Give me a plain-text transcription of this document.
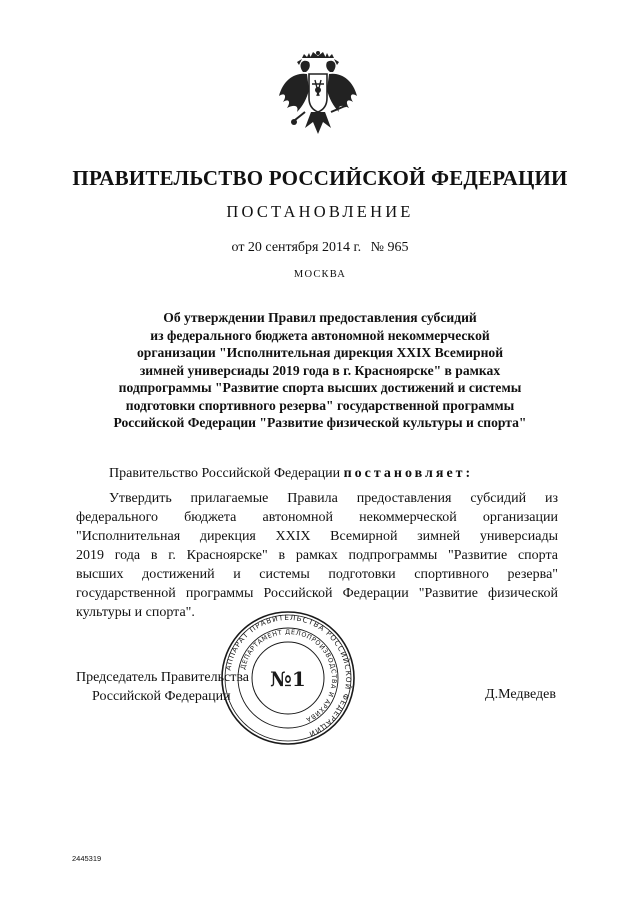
ПРАВИТЕЛЬСТВО РОССИЙСКОЙ ФЕДЕРАЦИИ
ПОСТАНОВЛЕНИЕ
от 20 сентября 2014 г. № 965
МОСКВА
Об утверждении Правил предоставления субсидий
из федерального бюджета автономной некоммерческой
организации "Исполнительная дирекция XXIX Всемирной
зимней универсиады 2019 года в г. Красноярске" в рамках
подпрограммы "Развитие спорта высших достижений и системы
подготовки спортивного резерва" государственной программы
Российской Федерации "Развитие физической культуры и спорта"
Правительство Российской Федерации постановляет:
Утвердить прилагаемые Правила предоставления субсидий из
федерального бюджета автономной некоммерческой организации
"Исполнительная дирекция XXIX Всемирной зимней универсиады
2019 года в г. Красноярске" в рамках подпрограммы "Развитие спорта
высших достижений и системы подготовки спортивного резерва"
государственной программы Российской Федерации "Развитие физической
культуры и спорта".
Председатель Правительства
Российской Федерации	Д.Медведев
АППАРАТ ПРАВИТЕЛЬСТВА РОССИЙСКОЙ ФЕДЕРАЦИИ
ДЕПАРТАМЕНТ ДЕЛОПРОИЗВОДСТВА И АРХИВА
№1
2445319
